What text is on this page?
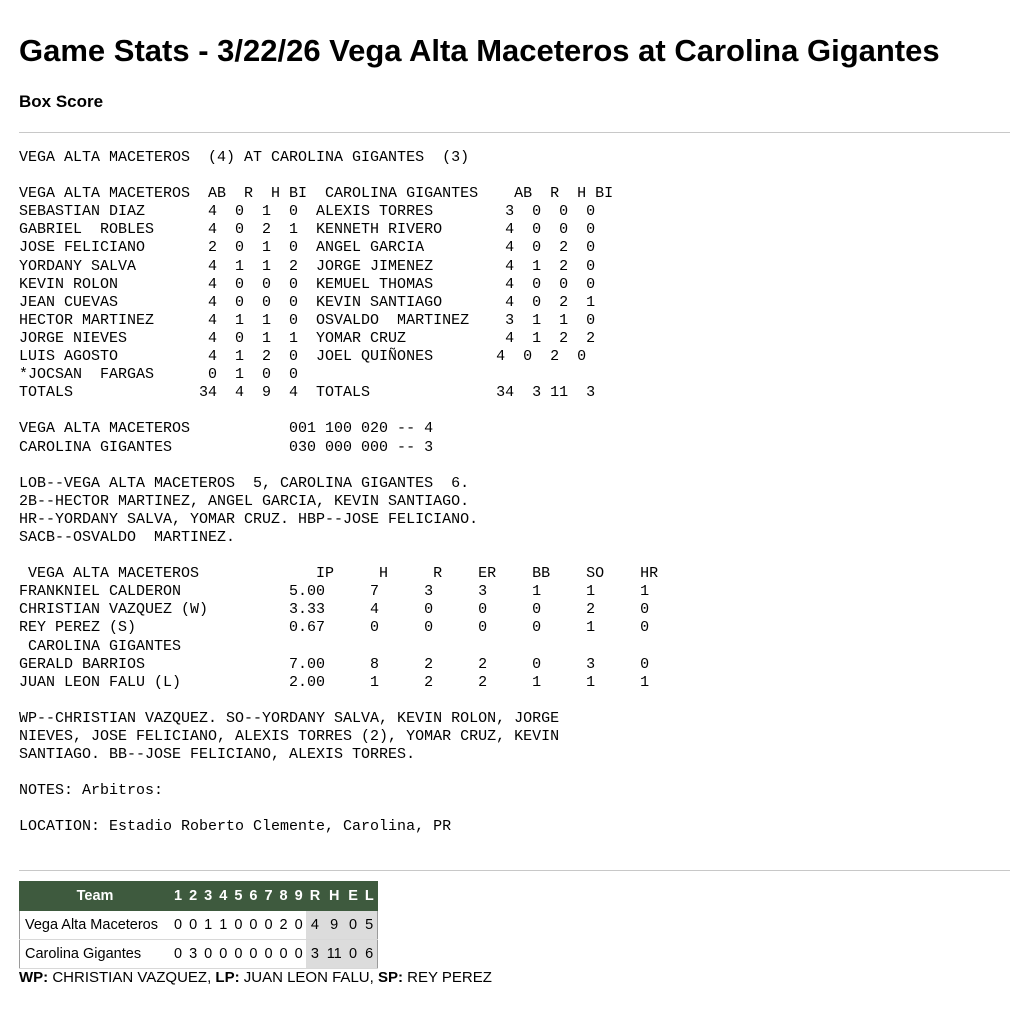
Game Stats - 3/22/26 Vega Alta Maceteros at Carolina Gigantes
Box Score
VEGA ALTA MACETEROS  (4) AT CAROLINA GIGANTES  (3)

VEGA ALTA MACETEROS  AB  R  H BI  CAROLINA GIGANTES    AB  R  H BI
SEBASTIAN DIAZ       4  0  1  0  ALEXIS TORRES        3  0  0  0
GABRIEL  ROBLES      4  0  2  1  KENNETH RIVERO       4  0  0  0
JOSE FELICIANO       2  0  1  0  ANGEL GARCIA         4  0  2  0
YORDANY SALVA        4  1  1  2  JORGE JIMENEZ        4  1  2  0
KEVIN ROLON          4  0  0  0  KEMUEL THOMAS        4  0  0  0
JEAN CUEVAS          4  0  0  0  KEVIN SANTIAGO       4  0  2  1
HECTOR MARTINEZ      4  1  1  0  OSVALDO  MARTINEZ    3  1  1  0
JORGE NIEVES         4  0  1  1  YOMAR CRUZ           4  1  2  2
LUIS AGOSTO          4  1  2  0  JOEL QUIÑONES       4  0  2  0
*JOCSAN  FARGAS      0  1  0  0
TOTALS              34  4  9  4  TOTALS              34  3 11  3

VEGA ALTA MACETEROS           001 100 020 -- 4
CAROLINA GIGANTES             030 000 000 -- 3

LOB--VEGA ALTA MACETEROS  5, CAROLINA GIGANTES  6.
2B--HECTOR MARTINEZ, ANGEL GARCIA, KEVIN SANTIAGO.
HR--YORDANY SALVA, YOMAR CRUZ. HBP--JOSE FELICIANO.
SACB--OSVALDO  MARTINEZ.

VEGA ALTA MACETEROS             IP     H     R    ER    BB    SO    HR
FRANKNIEL CALDERON            5.00     7     3     3     1     1     1
CHRISTIAN VAZQUEZ (W)         3.33     4     0     0     0     2     0
REY PEREZ (S)                 0.67     0     0     0     0     1     0
CAROLINA GIGANTES
GERALD BARRIOS                7.00     8     2     2     0     3     0
JUAN LEON FALU (L)            2.00     1     2     2     1     1     1

WP--CHRISTIAN VAZQUEZ. SO--YORDANY SALVA, KEVIN ROLON, JORGE
NIEVES, JOSE FELICIANO, ALEXIS TORRES (2), YOMAR CRUZ, KEVIN
SANTIAGO. BB--JOSE FELICIANO, ALEXIS TORRES.

NOTES: Arbitros:

LOCATION: Estadio Roberto Clemente, Carolina, PR
Team	1	2	3	4	5	6	7	8	9	R	H	E	L
Vega Alta Maceteros	0	0	1	1	0	0	0	2	0	4	9	0	5
Carolina Gigantes	0	3	0	0	0	0	0	0	0	3	11	0	6

WP: CHRISTIAN VAZQUEZ, LP: JUAN LEON FALU, SP: REY PEREZ
